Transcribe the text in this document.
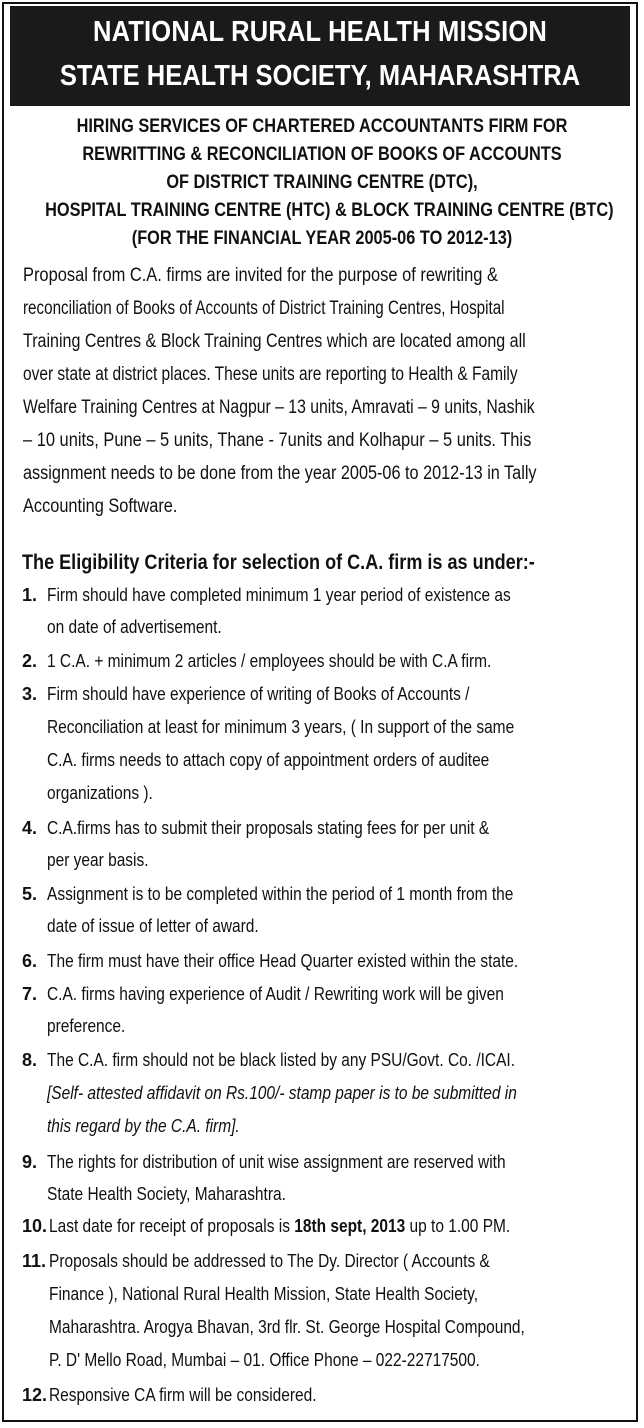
NATIONAL RURAL HEALTH MISSION
STATE HEALTH SOCIETY, MAHARASHTRA
HIRING SERVICES OF CHARTERED ACCOUNTANTS FIRM FOR
REWRITTING & RECONCILIATION OF BOOKS OF ACCOUNTS
OF DISTRICT TRAINING CENTRE (DTC),
HOSPITAL TRAINING CENTRE (HTC) & BLOCK TRAINING CENTRE (BTC)
(FOR THE FINANCIAL YEAR 2005-06 TO 2012-13)
Proposal from C.A. firms are invited for the purpose of rewriting &
reconciliation of Books of Accounts of District Training Centres, Hospital
Training Centres & Block Training Centres which are located among all
over state at district places. These units are reporting to Health & Family
Welfare Training Centres at Nagpur – 13 units, Amravati – 9 units, Nashik
– 10 units, Pune – 5 units, Thane - 7units and Kolhapur – 5 units. This
assignment needs to be done from the year 2005-06 to 2012-13 in Tally
Accounting Software.
The Eligibility Criteria for selection of C.A. firm is as under:-
1. Firm should have completed minimum 1 year period of existence as
on date of advertisement.
2. 1 C.A. + minimum 2 articles / employees should be with C.A firm.
3. Firm should have experience of writing of Books of Accounts /
Reconciliation at least for minimum 3 years, ( In support of the same
C.A. firms needs to attach copy of appointment orders of auditee
organizations ).
4. C.A.firms has to submit their proposals stating fees for per unit &
per year basis.
5. Assignment is to be completed within the period of 1 month from the
date of issue of letter of award.
6. The firm must have their office Head Quarter existed within the state.
7. C.A. firms having experience of Audit / Rewriting work will be given
preference.
8. The C.A. firm should not be black listed by any PSU/Govt. Co. /ICAI.
[Self- attested affidavit on Rs.100/- stamp paper is to be submitted in
this regard by the C.A. firm].
9. The rights for distribution of unit wise assignment are reserved with
State Health Society, Maharashtra.
10. Last date for receipt of proposals is 18th sept, 2013 up to 1.00 PM.
11. Proposals should be addressed to The Dy. Director ( Accounts &
Finance ), National Rural Health Mission, State Health Society,
Maharashtra. Arogya Bhavan, 3rd flr. St. George Hospital Compound,
P. D' Mello Road, Mumbai – 01. Office Phone – 022-22717500.
12. Responsive CA firm will be considered.
